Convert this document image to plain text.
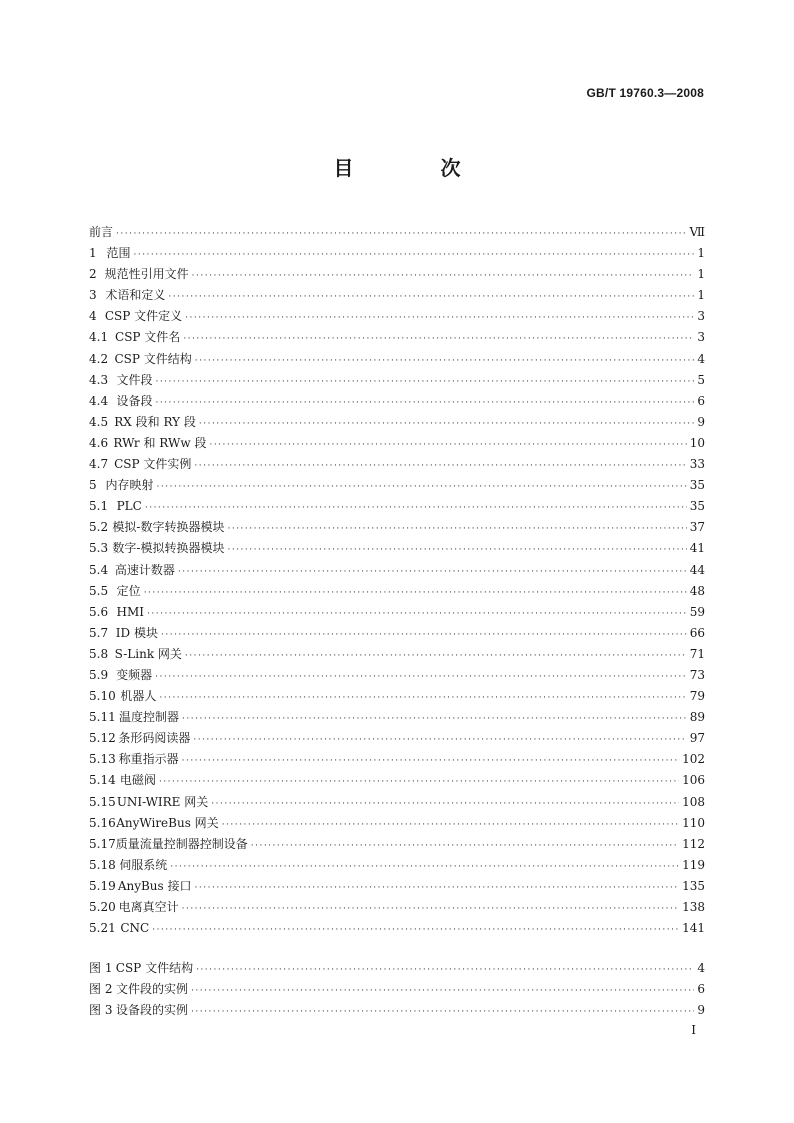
GB/T 19760.3—2008
目 次
前言 ·····	Ⅶ
1 范围 ·····	1
2 规范性引用文件 ·····	1
3 术语和定义 ·····	1
4 CSP 文件定义 ·····	3
4.1 CSP 文件名 ·····	3
4.2 CSP 文件结构 ·····	4
4.3 文件段 ·····	5
4.4 设备段 ·····	6
4.5 RX 段和 RY 段 ·····	9
4.6 RWr 和 RWw 段 ·····	10
4.7 CSP 文件实例 ·····	33
5 内存映射 ·····	35
5.1 PLC ·····	35
5.2 模拟-数字转换器模块 ·····	37
5.3 数字-模拟转换器模块 ·····	41
5.4 高速计数器 ·····	44
5.5 定位 ·····	48
5.6 HMI ·····	59
5.7 ID 模块 ·····	66
5.8 S-Link 网关 ·····	71
5.9 变频器 ·····	73
5.10 机器人 ·····	79
5.11 温度控制器 ·····	89
5.12 条形码阅读器 ·····	97
5.13 称重指示器 ·····	102
5.14 电磁阀 ·····	106
5.15 UNI-WIRE 网关 ·····	108
5.16 AnyWireBus 网关 ·····	110
5.17 质量流量控制器控制设备 ·····	112
5.18 伺服系统 ·····	119
5.19 AnyBus 接口 ·····	135
5.20 电离真空计 ·····	138
5.21 CNC ·····	141
图 1 CSP 文件结构 ·····	4
图 2 文件段的实例 ·····	6
图 3 设备段的实例 ·····	9
I
